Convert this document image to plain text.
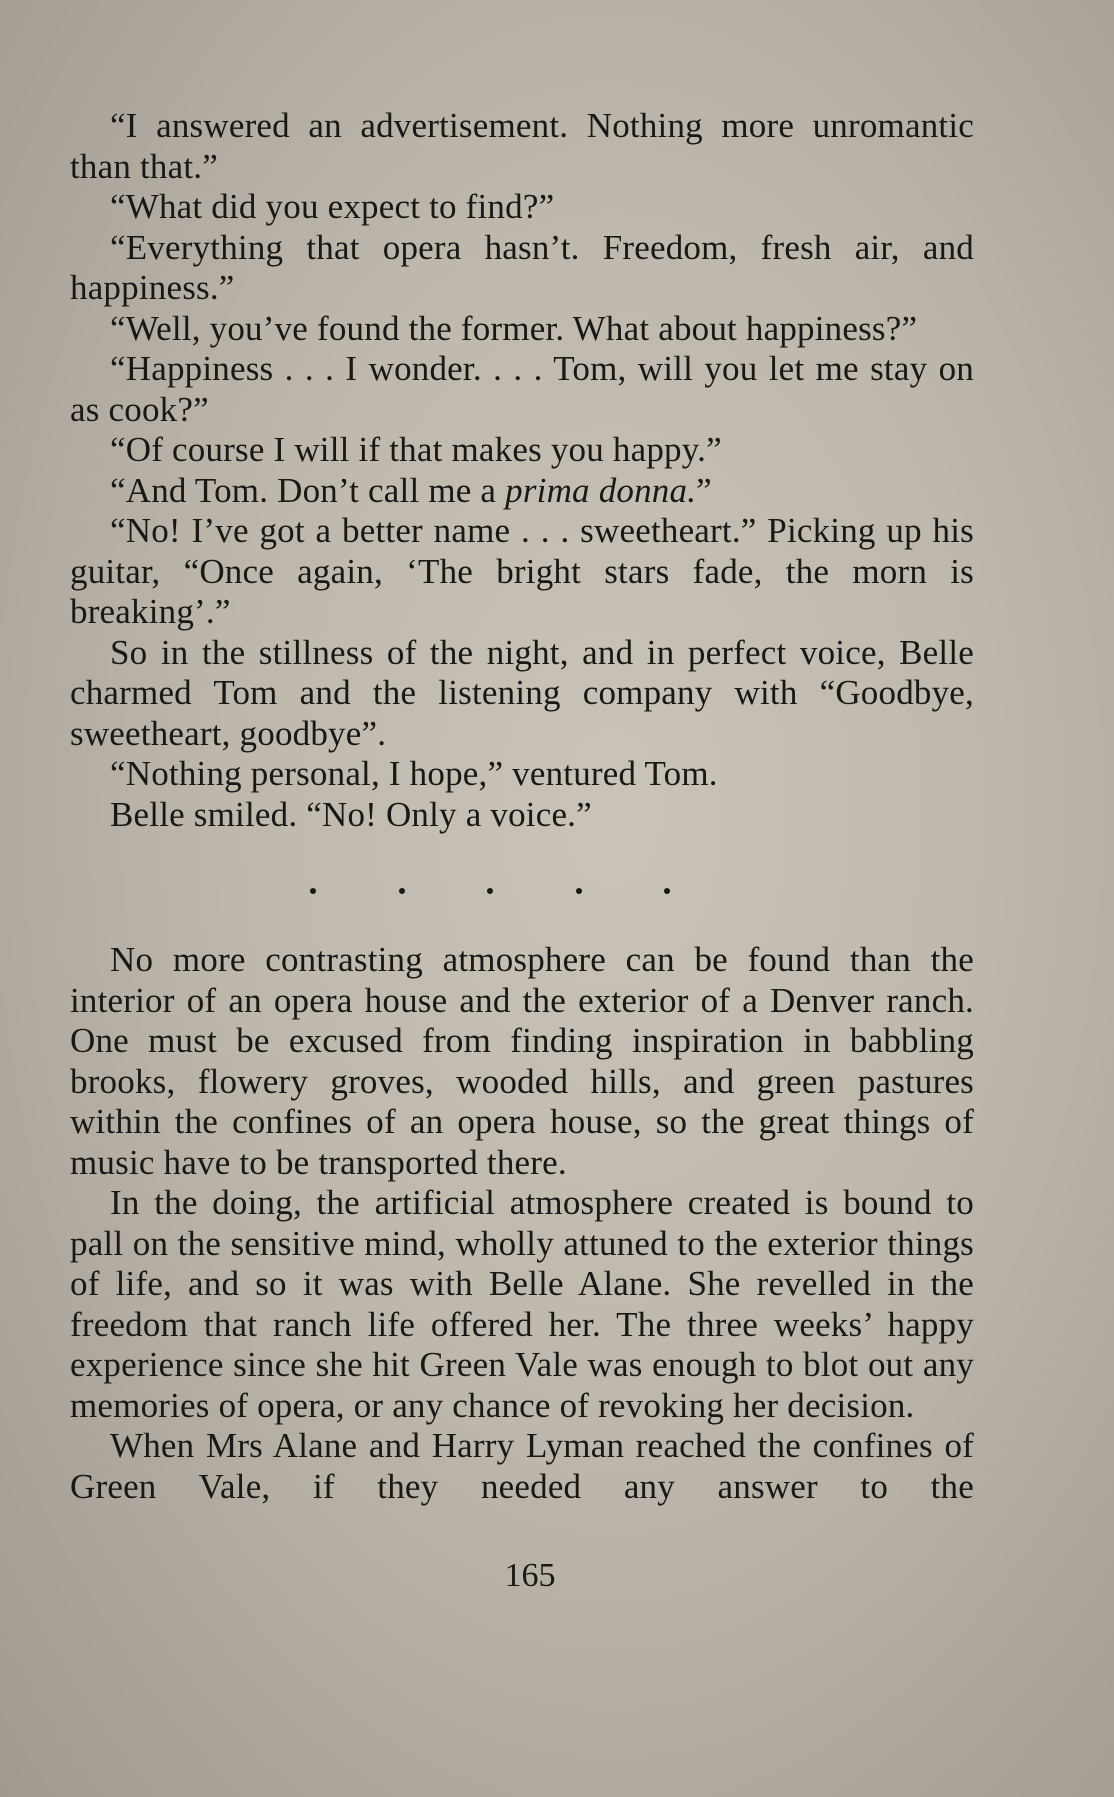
“I answered an advertisement. Nothing more unromantic than that.”

“What did you expect to find?”

“Everything that opera hasn’t. Freedom, fresh air, and happiness.”

“Well, you’ve found the former. What about happiness?”

“Happiness . . . I wonder. . . . Tom, will you let me stay on as cook?”

“Of course I will if that makes you happy.”

“And Tom. Don’t call me a prima donna.”

“No! I’ve got a better name . . . sweetheart.” Picking up his guitar, “Once again, ‘The bright stars fade, the morn is breaking’.”

So in the stillness of the night, and in perfect voice, Belle charmed Tom and the listening company with “Goodbye, sweetheart, goodbye”.

“Nothing personal, I hope,” ventured Tom.

Belle smiled. “No! Only a voice.”

No more contrasting atmosphere can be found than the interior of an opera house and the exterior of a Denver ranch. One must be excused from finding inspiration in babbling brooks, flowery groves, wooded hills, and green pastures within the confines of an opera house, so the great things of music have to be transported there.

In the doing, the artificial atmosphere created is bound to pall on the sensitive mind, wholly attuned to the exterior things of life, and so it was with Belle Alane. She revelled in the freedom that ranch life offered her. The three weeks’ happy experience since she hit Green Vale was enough to blot out any memories of opera, or any chance of revoking her decision.

When Mrs Alane and Harry Lyman reached the confines of Green Vale, if they needed any answer to the

165
